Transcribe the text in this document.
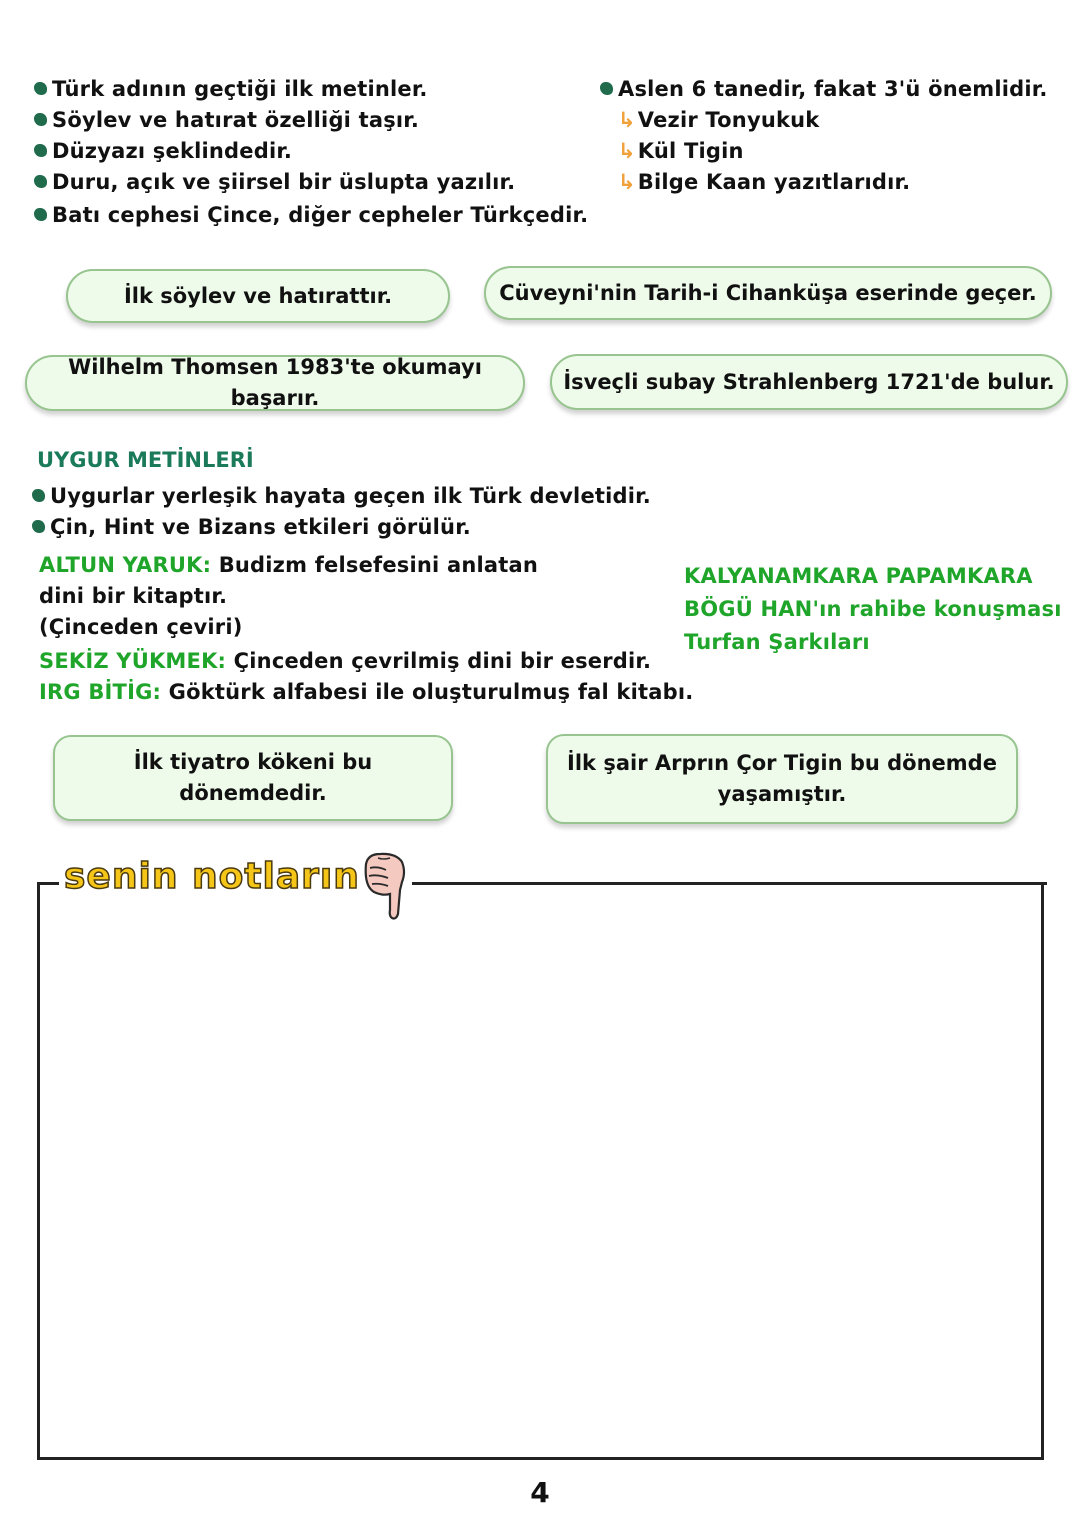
Türk adının geçtiği ilk metinler.
Söylev ve hatırat özelliği taşır.
Düzyazı şeklindedir.
Duru, açık ve şiirsel bir üslupta yazılır.
Batı cephesi Çince, diğer cepheler Türkçedir.
Aslen 6 tanedir, fakat 3'ü önemlidir.
↳Vezir Tonyukuk
↳Kül Tigin
↳Bilge Kaan yazıtlarıdır.
İlk söylev ve hatırattır.	Cüveyni'nin Tarih-i Cihanküşa eserinde geçer.
Wilhelm Thomsen 1983'te okumayı başarır.
İsveçli subay Strahlenberg 1721'de bulur.
UYGUR METİNLERİ
Uygurlar yerleşik hayata geçen ilk Türk devletidir.
Çin, Hint ve Bizans etkileri görülür.
ALTUN YARUK: Budizm felsefesini anlatan
dini bir kitaptır.
(Çinceden çeviri)
SEKİZ YÜKMEK: Çinceden çevrilmiş dini bir eserdir.
IRG BİTİG: Göktürk alfabesi ile oluşturulmuş fal kitabı.
KALYANAMKARA PAPAMKARA
BÖGÜ HAN'ın rahibe konuşması
Turfan Şarkıları
İlk tiyatro kökeni bu
dönemdedir.
İlk şair Arprın Çor Tigin bu dönemde
yaşamıştır.
senin notların
4
